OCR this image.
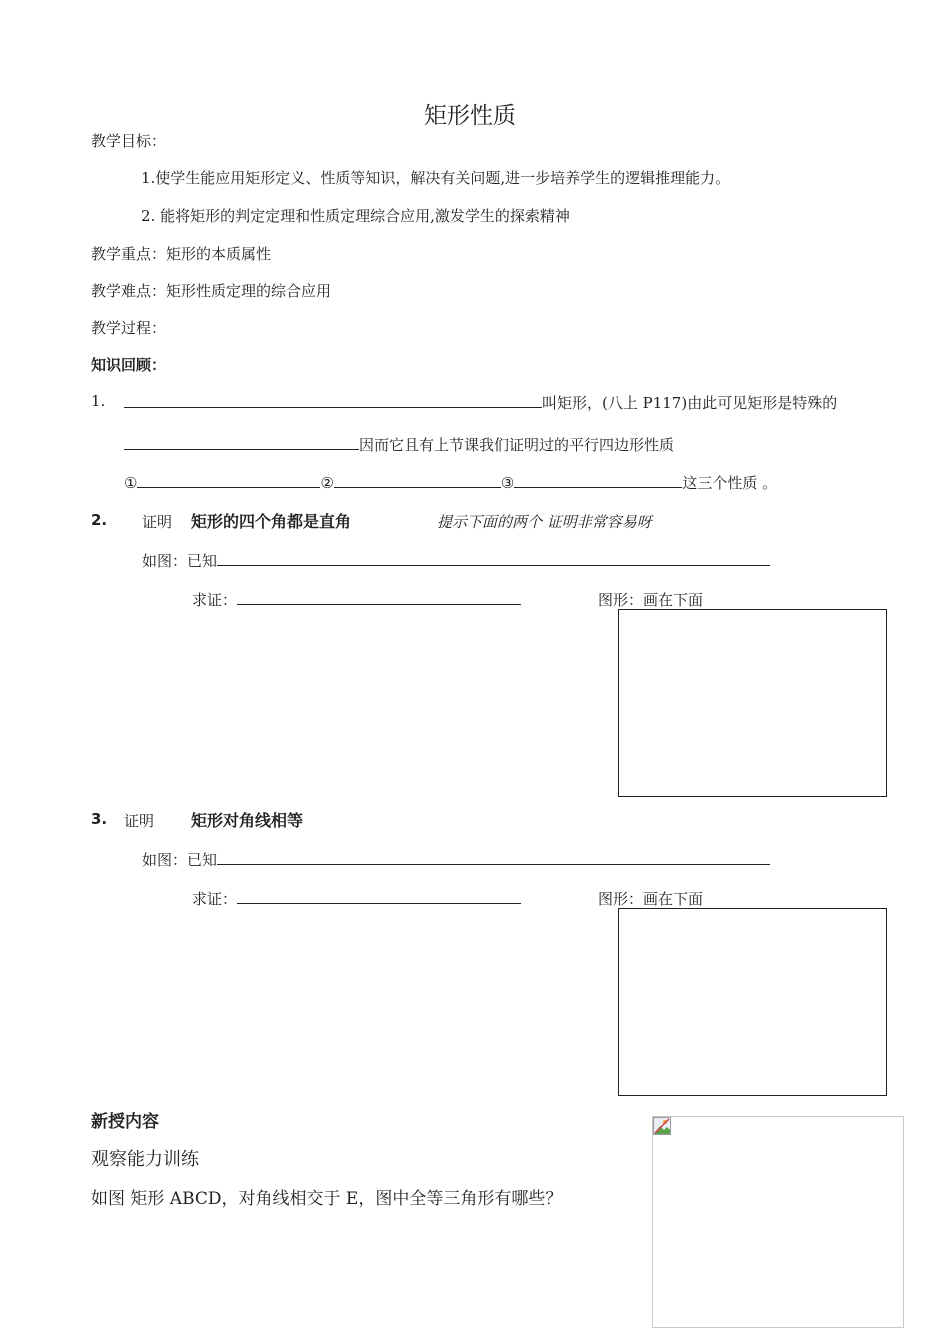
矩形性质
教学目标：
1.使学生能应用矩形定义、性质等知识，解决有关问题,进一步培养学生的逻辑推理能力。
2. 能将矩形的判定定理和性质定理综合应用,激发学生的探索精神
教学重点：矩形的本质属性
教学难点：矩形性质定理的综合应用
教学过程：
知识回顾：
1.	叫矩形，(八上 P117)由此可见矩形是特殊的
因而它且有上节课我们证明过的平行四边形性质
①	②	③	这三个性质 。
2. 证明 矩形的四个角都是直角	提示下面的两个 证明非常容易呀
如图：已知
求证：	图形：画在下面
3. 证明 矩形对角线相等
如图：已知
求证：	图形：画在下面
新授内容
观察能力训练
如图 矩形 ABCD，对角线相交于 E，图中全等三角形有哪些？
